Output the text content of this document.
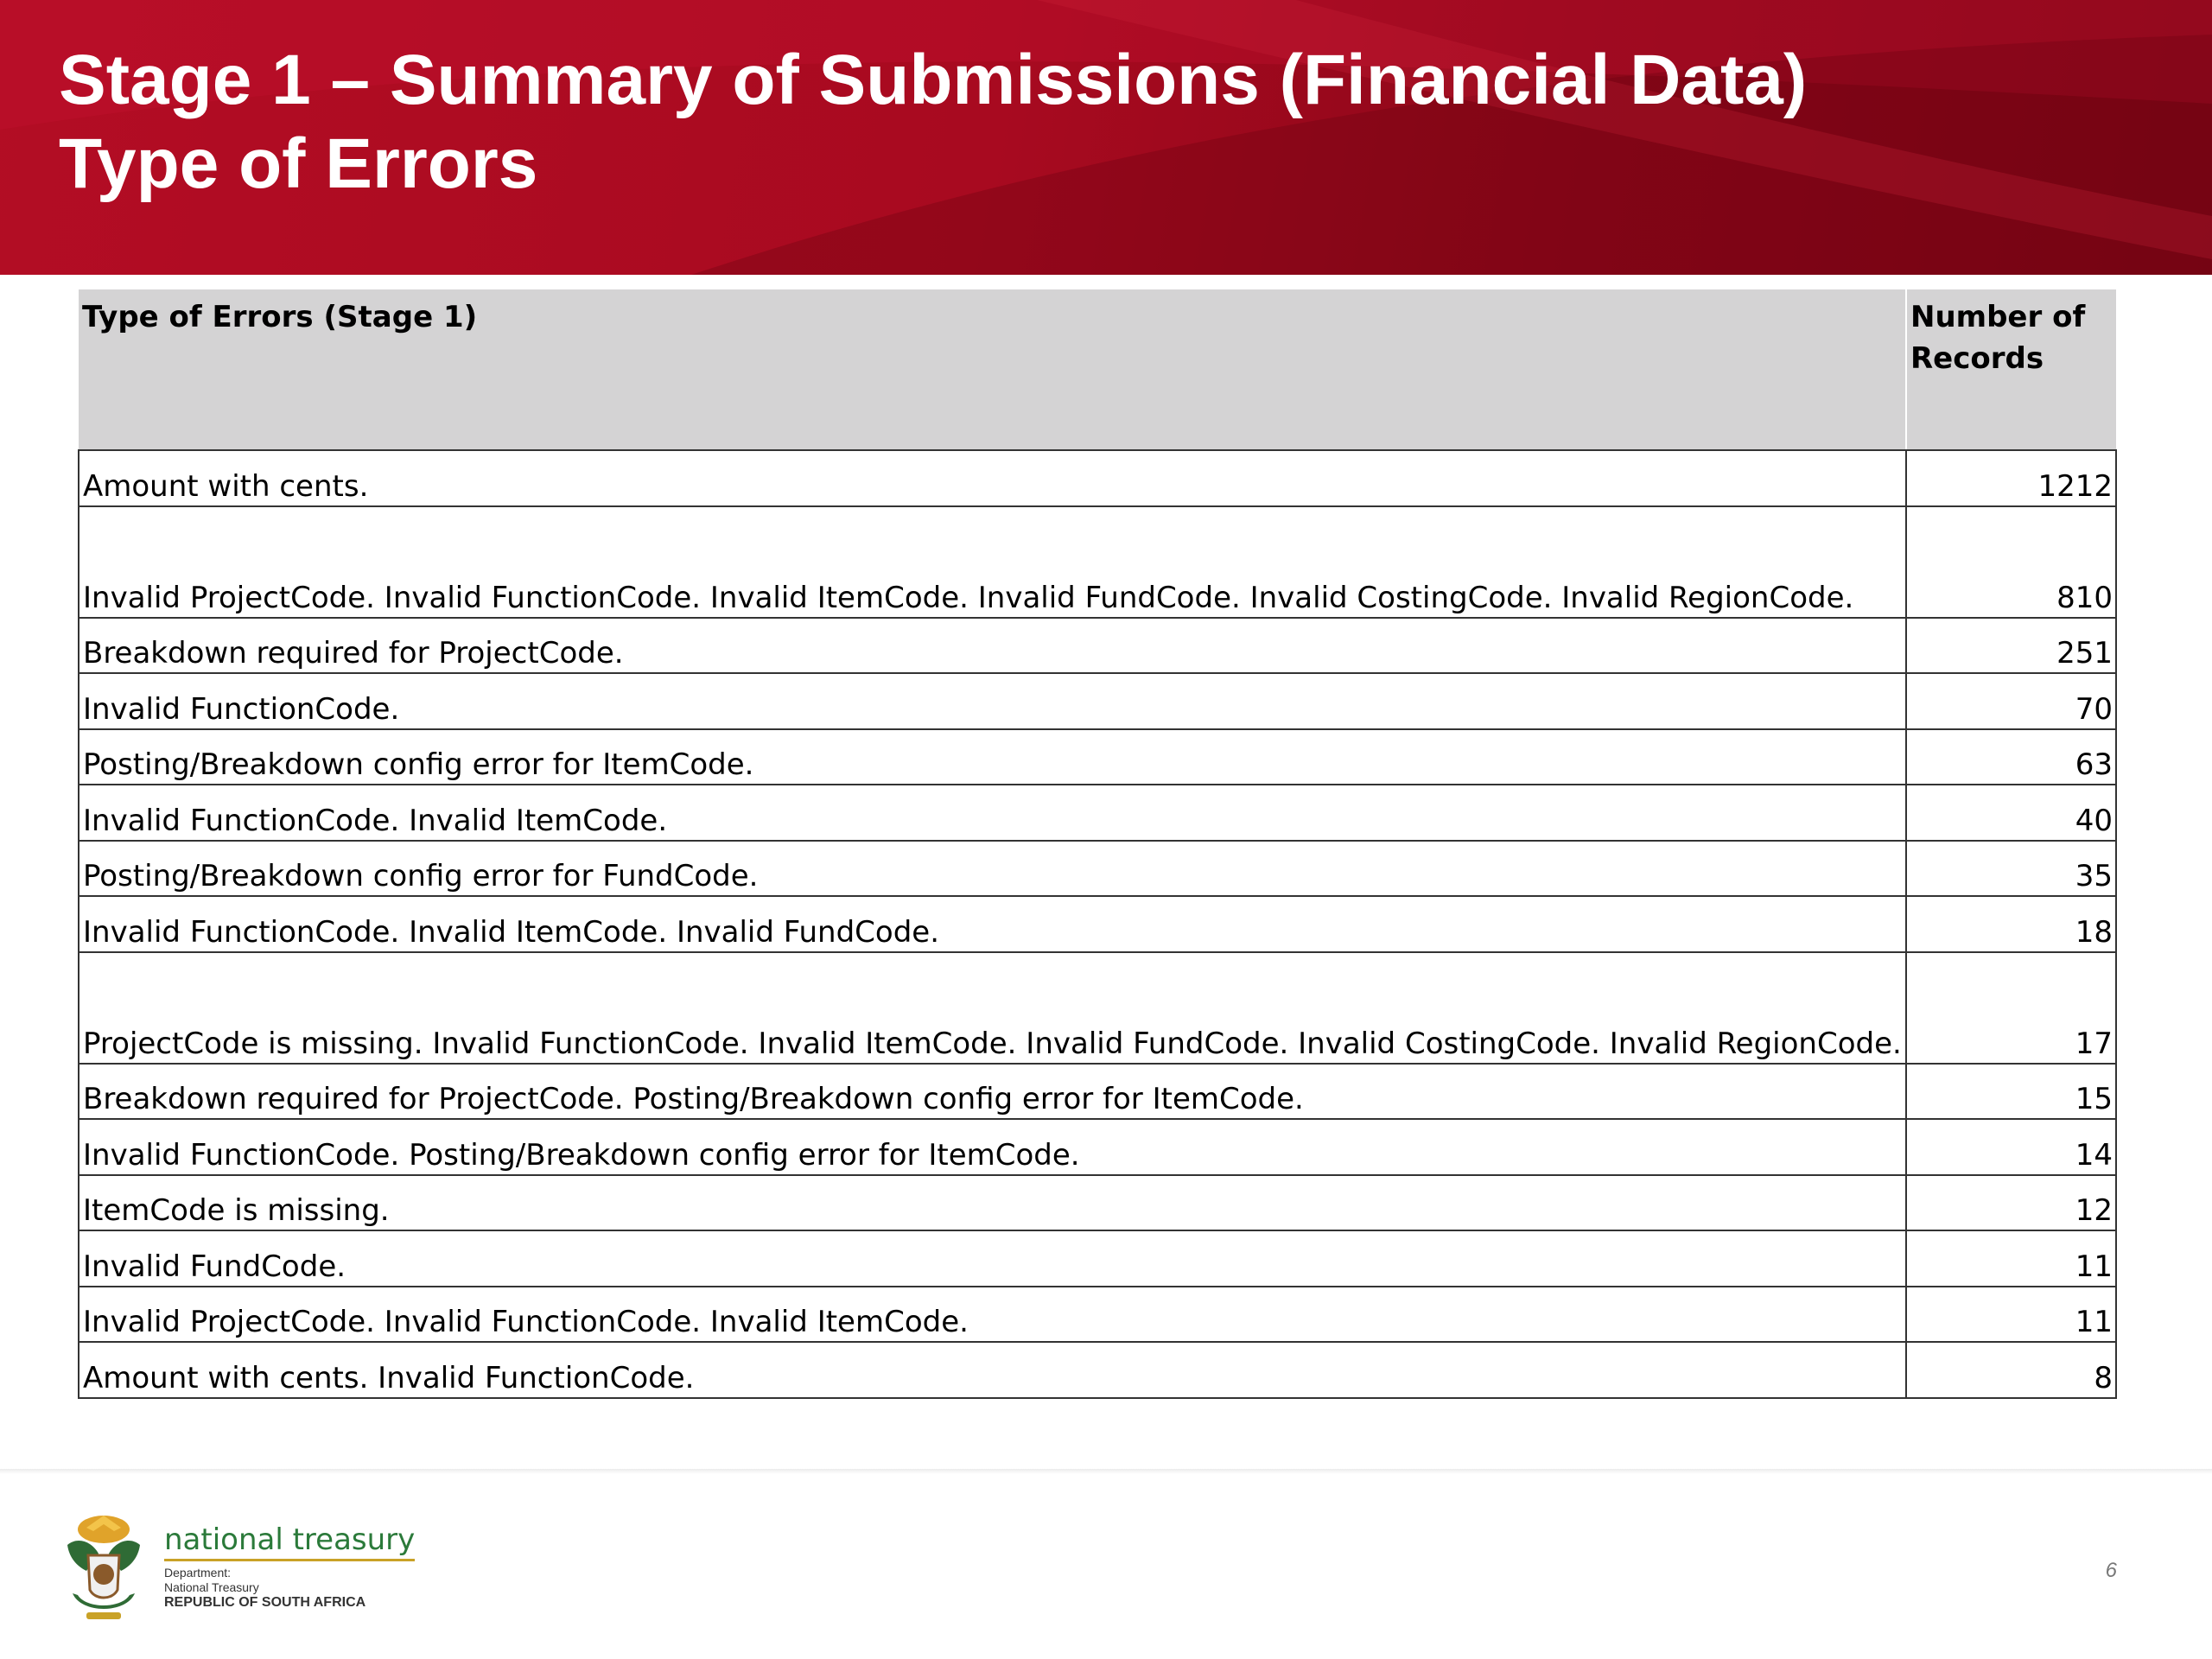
Stage 1 – Summary of Submissions (Financial Data)
Type of Errors
Type of Errors (Stage 1)	Number of
Records
Amount with cents.	1212
Invalid ProjectCode. Invalid FunctionCode. Invalid ItemCode. Invalid FundCode. Invalid CostingCode. Invalid RegionCode.	810
Breakdown required for ProjectCode.	251
Invalid FunctionCode.	70
Posting/Breakdown config error for ItemCode.	63
Invalid FunctionCode. Invalid ItemCode.	40
Posting/Breakdown config error for FundCode.	35
Invalid FunctionCode. Invalid ItemCode. Invalid FundCode.	18
ProjectCode is missing. Invalid FunctionCode. Invalid ItemCode. Invalid FundCode. Invalid CostingCode. Invalid RegionCode.	17
Breakdown required for ProjectCode. Posting/Breakdown config error for ItemCode.	15
Invalid FunctionCode. Posting/Breakdown config error for ItemCode.	14
ItemCode is missing.	12
Invalid FundCode.	11
Invalid ProjectCode. Invalid FunctionCode. Invalid ItemCode.	11
Amount with cents. Invalid FunctionCode.	8
national treasury
Department:
National Treasury
REPUBLIC OF SOUTH AFRICA
6
